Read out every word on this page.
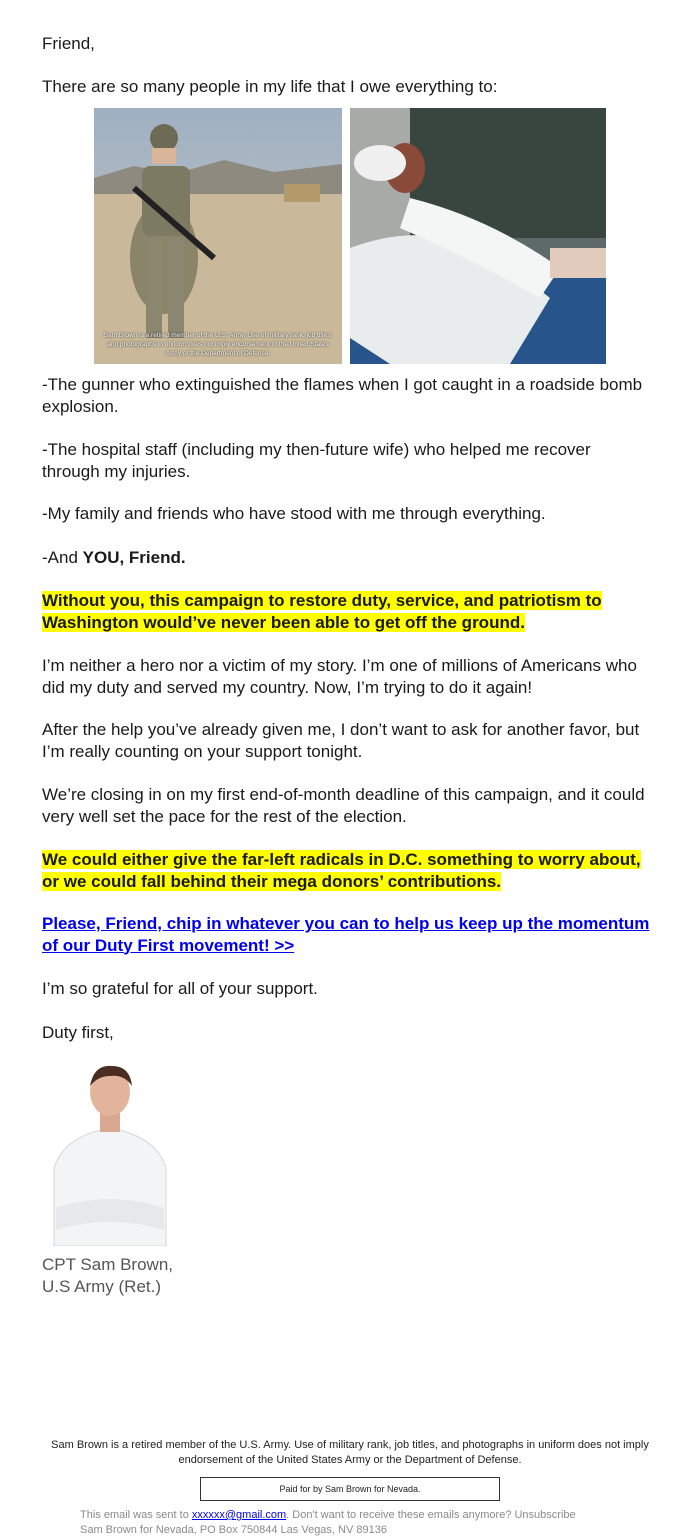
Friend,

There are so many people in my life that I owe everything to:

Sam Brown is a retired member of the U.S. Army. Use of military rank, job titles, and photographs in uniform does not imply endorsement of the United States Army or the Department of Defense.

-The gunner who extinguished the flames when I got caught in a roadside bomb explosion.

-The hospital staff (including my then-future wife) who helped me recover through my injuries.

-My family and friends who have stood with me through everything.

-And YOU, Friend.

Without you, this campaign to restore duty, service, and patriotism to Washington would’ve never been able to get off the ground.

I’m neither a hero nor a victim of my story. I’m one of millions of Americans who did my duty and served my country. Now, I’m trying to do it again!

After the help you’ve already given me, I don’t want to ask for another favor, but I’m really counting on your support tonight.

We’re closing in on my first end-of-month deadline of this campaign, and it could very well set the pace for the rest of the election.

We could either give the far-left radicals in D.C. something to worry about, or we could fall behind their mega donors’ contributions.

Please, Friend, chip in whatever you can to help us keep up the momentum of our Duty First movement! >>

I’m so grateful for all of your support.

Duty first,

CPT Sam Brown,

U.S Army (Ret.)

Sam Brown is a retired member of the U.S. Army. Use of military rank, job titles, and photographs in uniform does not imply endorsement of the United States Army or the Department of Defense.
Paid for by Sam Brown for Nevada.
This email was sent to xxxxxx@gmail.com. Don't want to receive these emails anymore? Unsubscribe
Sam Brown for Nevada, PO Box 750844 Las Vegas, NV 89136
